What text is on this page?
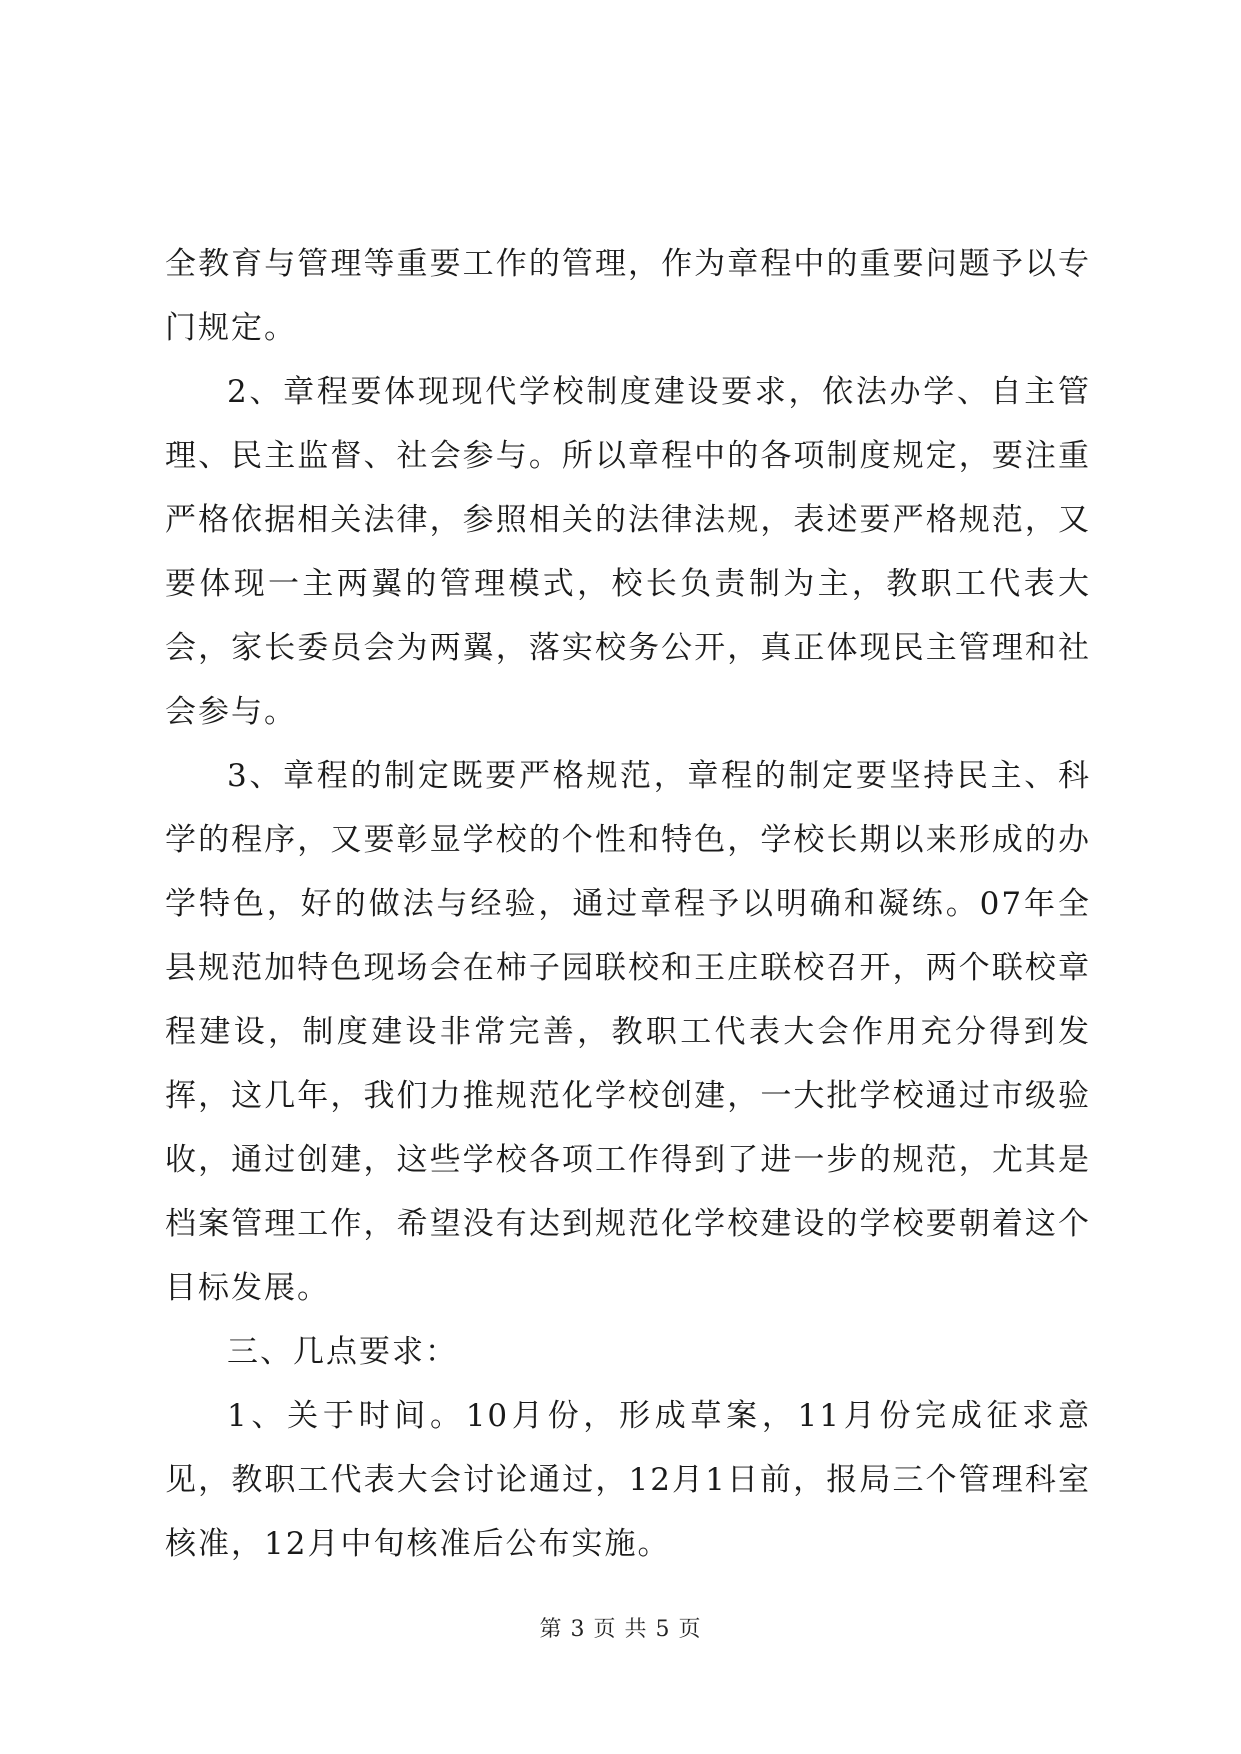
全教育与管理等重要工作的管理，作为章程中的重要问题予以专门规定。

2、章程要体现现代学校制度建设要求，依法办学、自主管理、民主监督、社会参与。所以章程中的各项制度规定，要注重严格依据相关法律，参照相关的法律法规，表述要严格规范，又要体现一主两翼的管理模式，校长负责制为主，教职工代表大会，家长委员会为两翼，落实校务公开，真正体现民主管理和社会参与。

3、章程的制定既要严格规范，章程的制定要坚持民主、科学的程序，又要彰显学校的个性和特色，学校长期以来形成的办学特色，好的做法与经验，通过章程予以明确和凝练。07年全县规范加特色现场会在柿子园联校和王庄联校召开，两个联校章程建设，制度建设非常完善，教职工代表大会作用充分得到发挥，这几年，我们力推规范化学校创建，一大批学校通过市级验收，通过创建，这些学校各项工作得到了进一步的规范，尤其是档案管理工作，希望没有达到规范化学校建设的学校要朝着这个目标发展。

三、几点要求：

1、关于时间。10月份，形成草案，11月份完成征求意见，教职工代表大会讨论通过，12月1日前，报局三个管理科室核准，12月中旬核准后公布实施。

第 3 页 共 5 页
